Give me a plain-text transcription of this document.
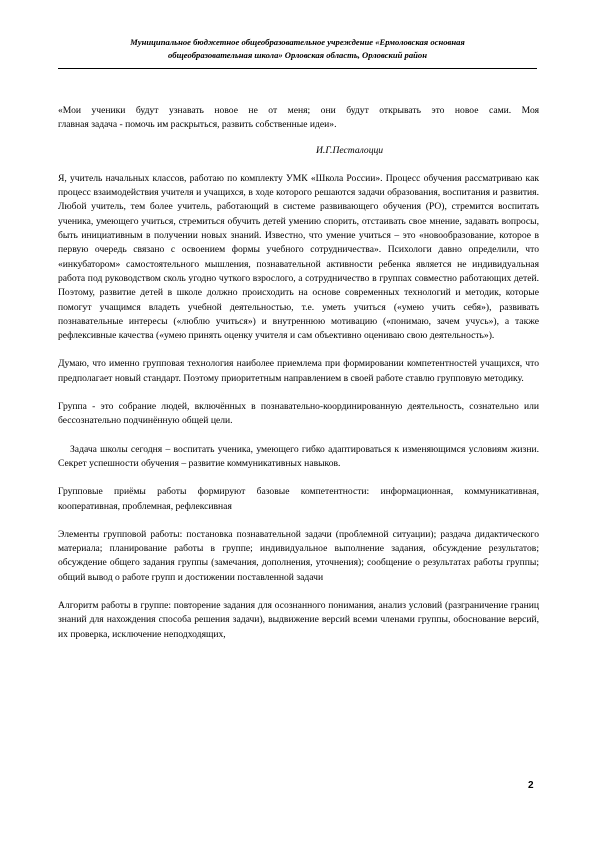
Муниципальное бюджетное общеобразовательное учреждение «Ермоловская основная
общеобразовательная школа» Орловская область, Орловский район

«Мои ученики будут узнавать новое не от меня; они будут открывать это новое сами. Моя

главная задача - помочь им раскрыться, развить собственные идеи».

И.Г.Песталоцци

Я, учитель начальных классов, работаю по комплекту УМК «Школа России». Процесс обучения рассматриваю как процесс взаимодействия учителя и учащихся, в ходе которого решаются задачи образования, воспитания и развития. Любой учитель, тем более учитель, работающий в системе развивающего обучения (РО), стремится воспитать ученика, умеющего учиться, стремиться обучить детей умению спорить, отстаивать свое мнение, задавать вопросы, быть инициативным в получении новых знаний. Известно, что умение учиться – это «новообразование, которое в первую очередь связано с освоением формы учебного сотрудничества». Психологи давно определили, что «инкубатором» самостоятельного мышления, познавательной активности ребенка является не индивидуальная работа под руководством сколь угодно чуткого взрослого, а сотрудничество в группах совместно работающих детей. Поэтому, развитие детей в школе должно происходить на основе современных технологий и методик, которые помогут учащимся владеть учебной деятельностью, т.е. уметь учиться («умею учить себя»), развивать познавательные интересы («люблю учиться») и внутреннюю мотивацию («понимаю, зачем учусь»), а также рефлексивные качества («умею принять оценку учителя и сам объективно оцениваю свою деятельность»).

Думаю, что именно групповая технология наиболее приемлема при формировании компетентностей учащихся, что предполагает новый стандарт. Поэтому приоритетным направлением в своей работе ставлю групповую методику.

Группа - это собрание людей, включённых в познавательно-координированную деятельность, сознательно или бессознательно подчинённую общей цели.

Задача школы сегодня – воспитать ученика, умеющего гибко адаптироваться к изменяющимся условиям жизни. Секрет успешности обучения – развитие коммуникативных навыков.

Групповые приёмы работы формируют базовые компетентности: информационная, коммуникативная, кооперативная, проблемная, рефлексивная

Элементы групповой работы: постановка познавательной задачи (проблемной ситуации); раздача дидактического материала; планирование работы в группе; индивидуальное выполнение задания, обсуждение результатов; обсуждение общего задания группы (замечания, дополнения, уточнения); сообщение о результатах работы группы; общий вывод о работе групп и достижении поставленной задачи

Алгоритм работы в группе: повторение задания для осознанного понимания, анализ условий (разграничение границ знаний для нахождения способа решения задачи), выдвижение версий всеми членами группы, обоснование версий, их проверка, исключение неподходящих,

2
